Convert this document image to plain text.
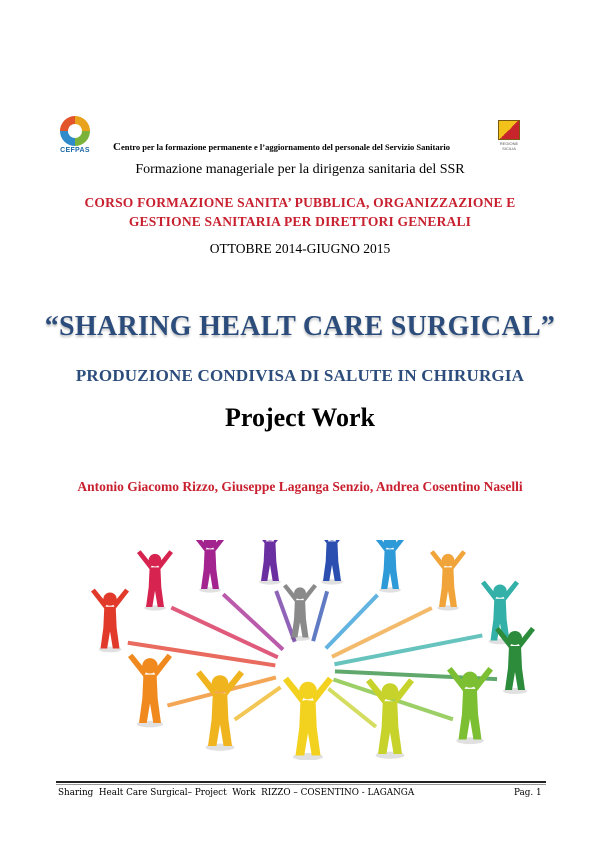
CEFPAS
REGIONE SICILIA
Centro per la formazione permanente e l’aggiornamento del personale del Servizio Sanitario
Formazione manageriale per la dirigenza sanitaria del SSR
CORSO FORMAZIONE SANITA’ PUBBLICA, ORGANIZZAZIONE E
GESTIONE SANITARIA PER DIRETTORI GENERALI
OTTOBRE 2014-GIUGNO 2015
“SHARING HEALT CARE SURGICAL”
PRODUZIONE CONDIVISA DI SALUTE IN CHIRURGIA
Project Work
Antonio Giacomo Rizzo, Giuseppe Laganga Senzio, Andrea Cosentino Naselli
Sharing  Healt Care Surgical– Project  Work  RIZZO – COSENTINO - LAGANGA	Pag. 1
